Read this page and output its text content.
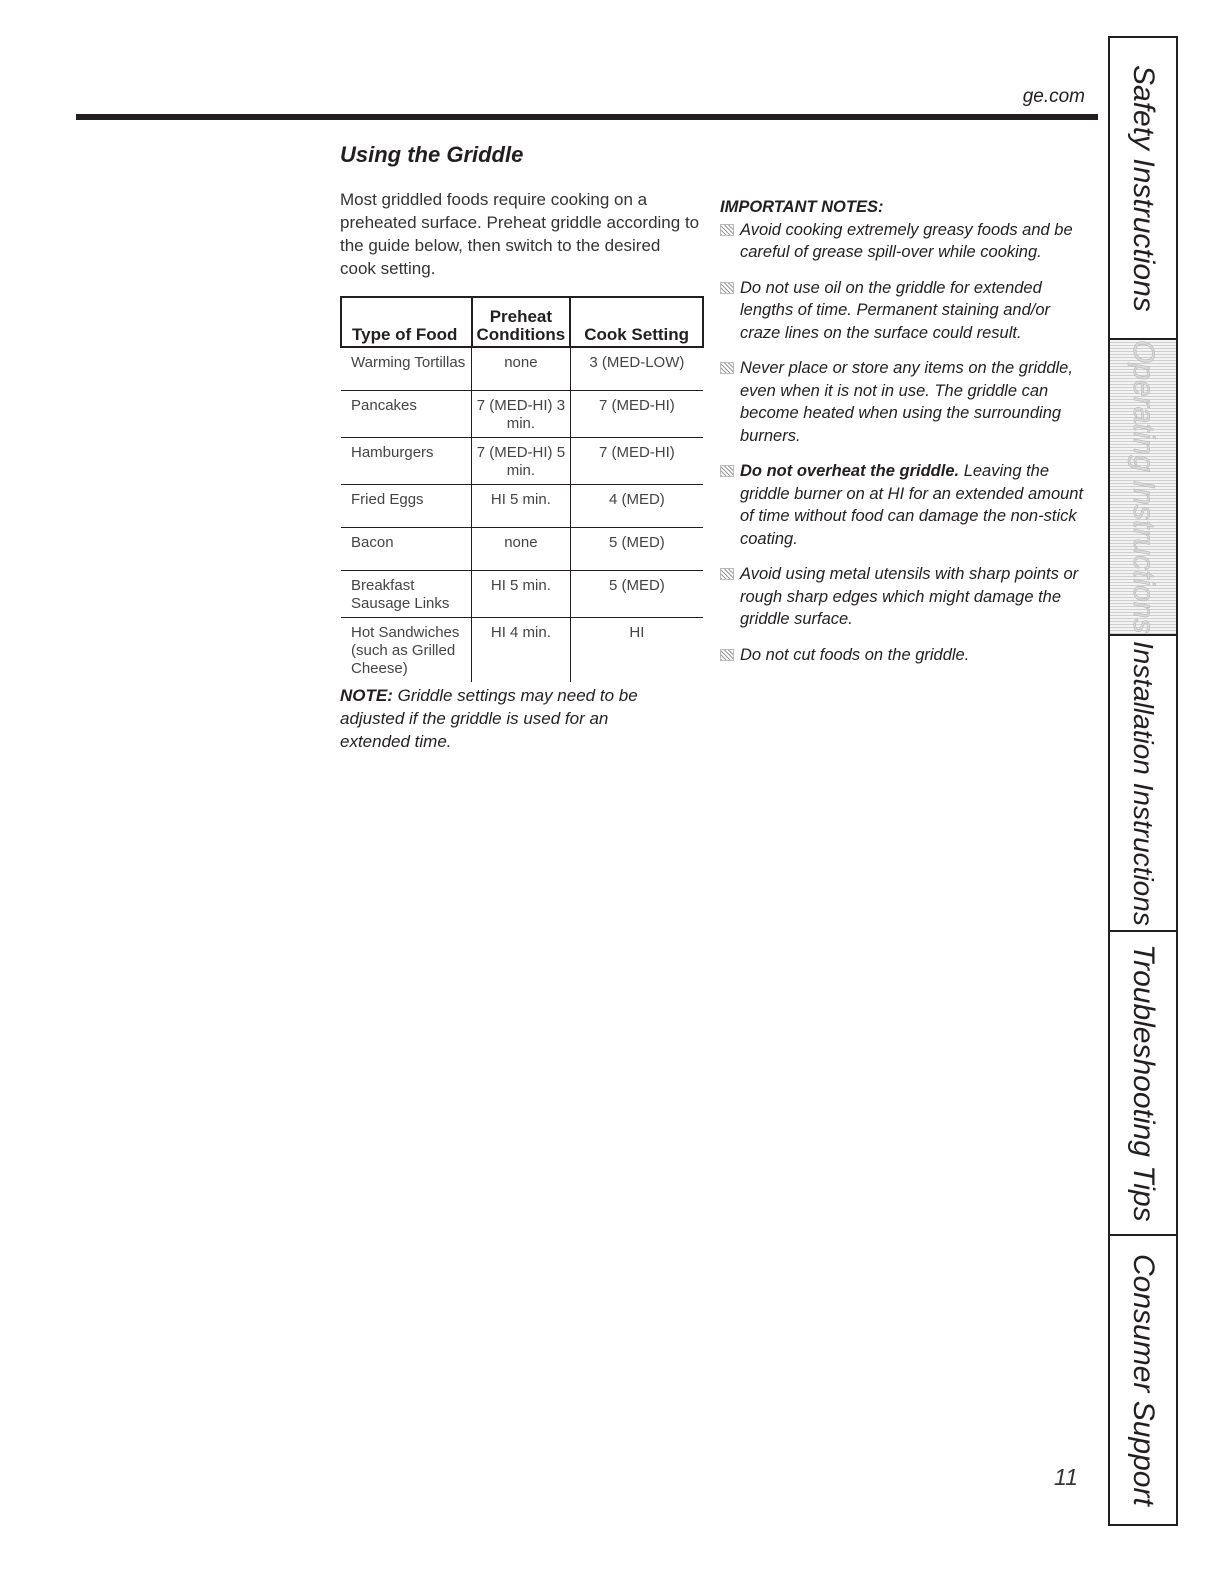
ge.com
Using the Griddle
Most griddled foods require cooking on a preheated surface. Preheat griddle according to the guide below, then switch to the desired cook setting.
Type of Food	Preheat Conditions	Cook Setting
Warming Tortillas	none	3 (MED-LOW)
Pancakes	7 (MED-HI) 3 min.	7 (MED-HI)
Hamburgers	7 (MED-HI) 5 min.	7 (MED-HI)
Fried Eggs	HI 5 min.	4 (MED)
Bacon	none	5 (MED)
Breakfast Sausage Links	HI 5 min.	5 (MED)
Hot Sandwiches (such as Grilled Cheese)	HI 4 min.	HI
NOTE: Griddle settings may need to be adjusted if the griddle is used for an extended time.
IMPORTANT NOTES:
Avoid cooking extremely greasy foods and be careful of grease spill-over while cooking.
Do not use oil on the griddle for extended lengths of time. Permanent staining and/or craze lines on the surface could result.
Never place or store any items on the griddle, even when it is not in use. The griddle can become heated when using the surrounding burners.
Do not overheat the griddle. Leaving the griddle burner on at HI for an extended amount of time without food can damage the non-stick coating.
Avoid using metal utensils with sharp points or rough sharp edges which might damage the griddle surface.
Do not cut foods on the griddle.
11
Safety Instructions
Operating Instructions
Installation Instructions
Troubleshooting Tips
Consumer Support
